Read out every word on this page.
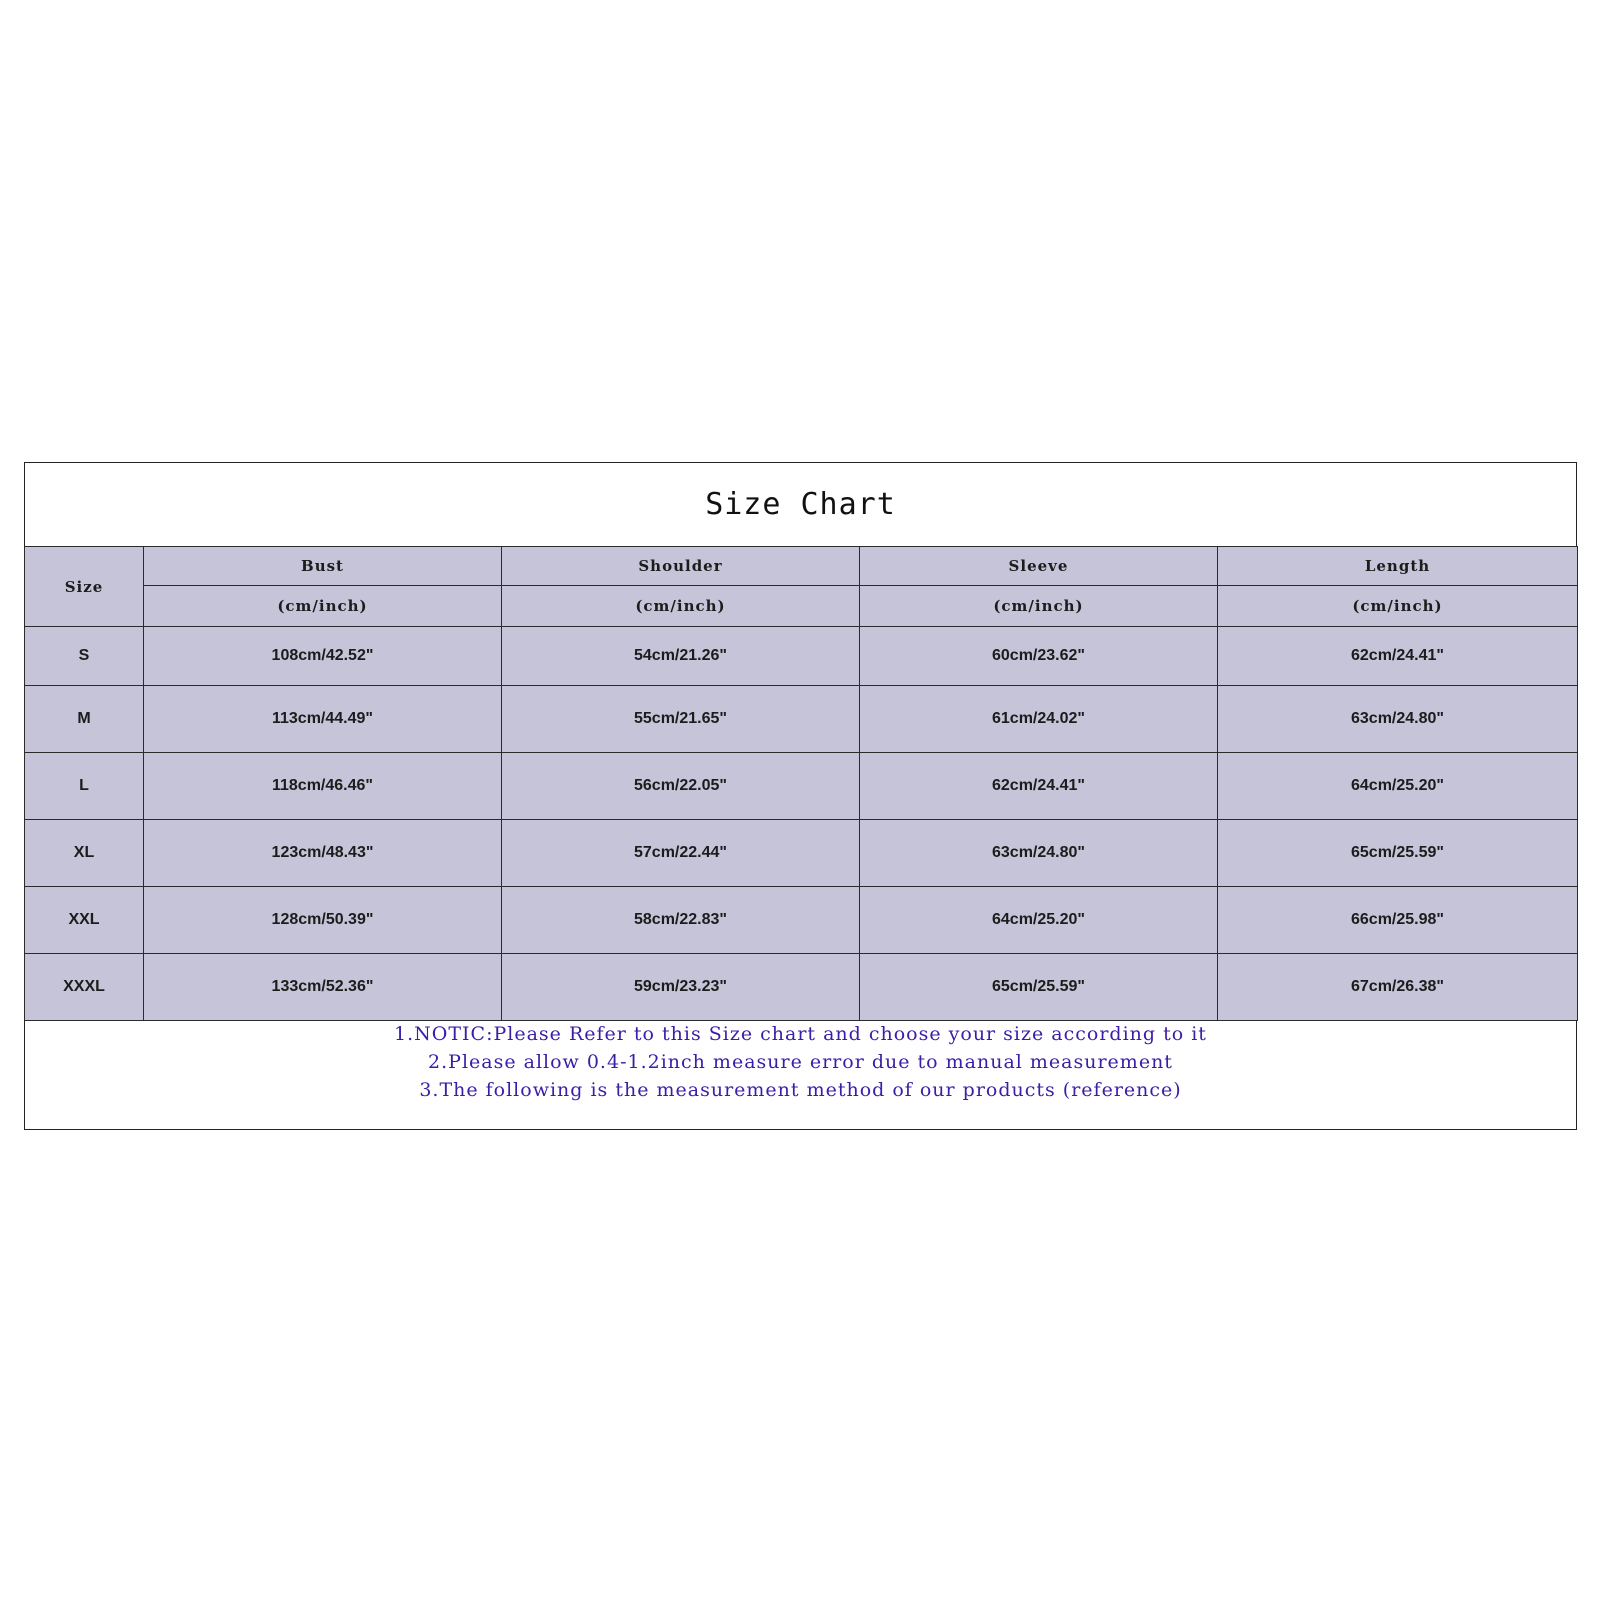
Size Chart
Size	Bust	Shoulder	Sleeve	Length
	(cm/inch)	(cm/inch)	(cm/inch)	(cm/inch)
S	108cm/42.52"	54cm/21.26"	60cm/23.62"	62cm/24.41"
M	113cm/44.49"	55cm/21.65"	61cm/24.02"	63cm/24.80"
L	118cm/46.46"	56cm/22.05"	62cm/24.41"	64cm/25.20"
XL	123cm/48.43"	57cm/22.44"	63cm/24.80"	65cm/25.59"
XXL	128cm/50.39"	58cm/22.83"	64cm/25.20"	66cm/25.98"
XXXL	133cm/52.36"	59cm/23.23"	65cm/25.59"	67cm/26.38"
1.NOTIC:Please Refer to this Size chart and choose your size according to it
2.Please allow 0.4-1.2inch measure error due to manual measurement
3.The following is the measurement method of our products (reference)
